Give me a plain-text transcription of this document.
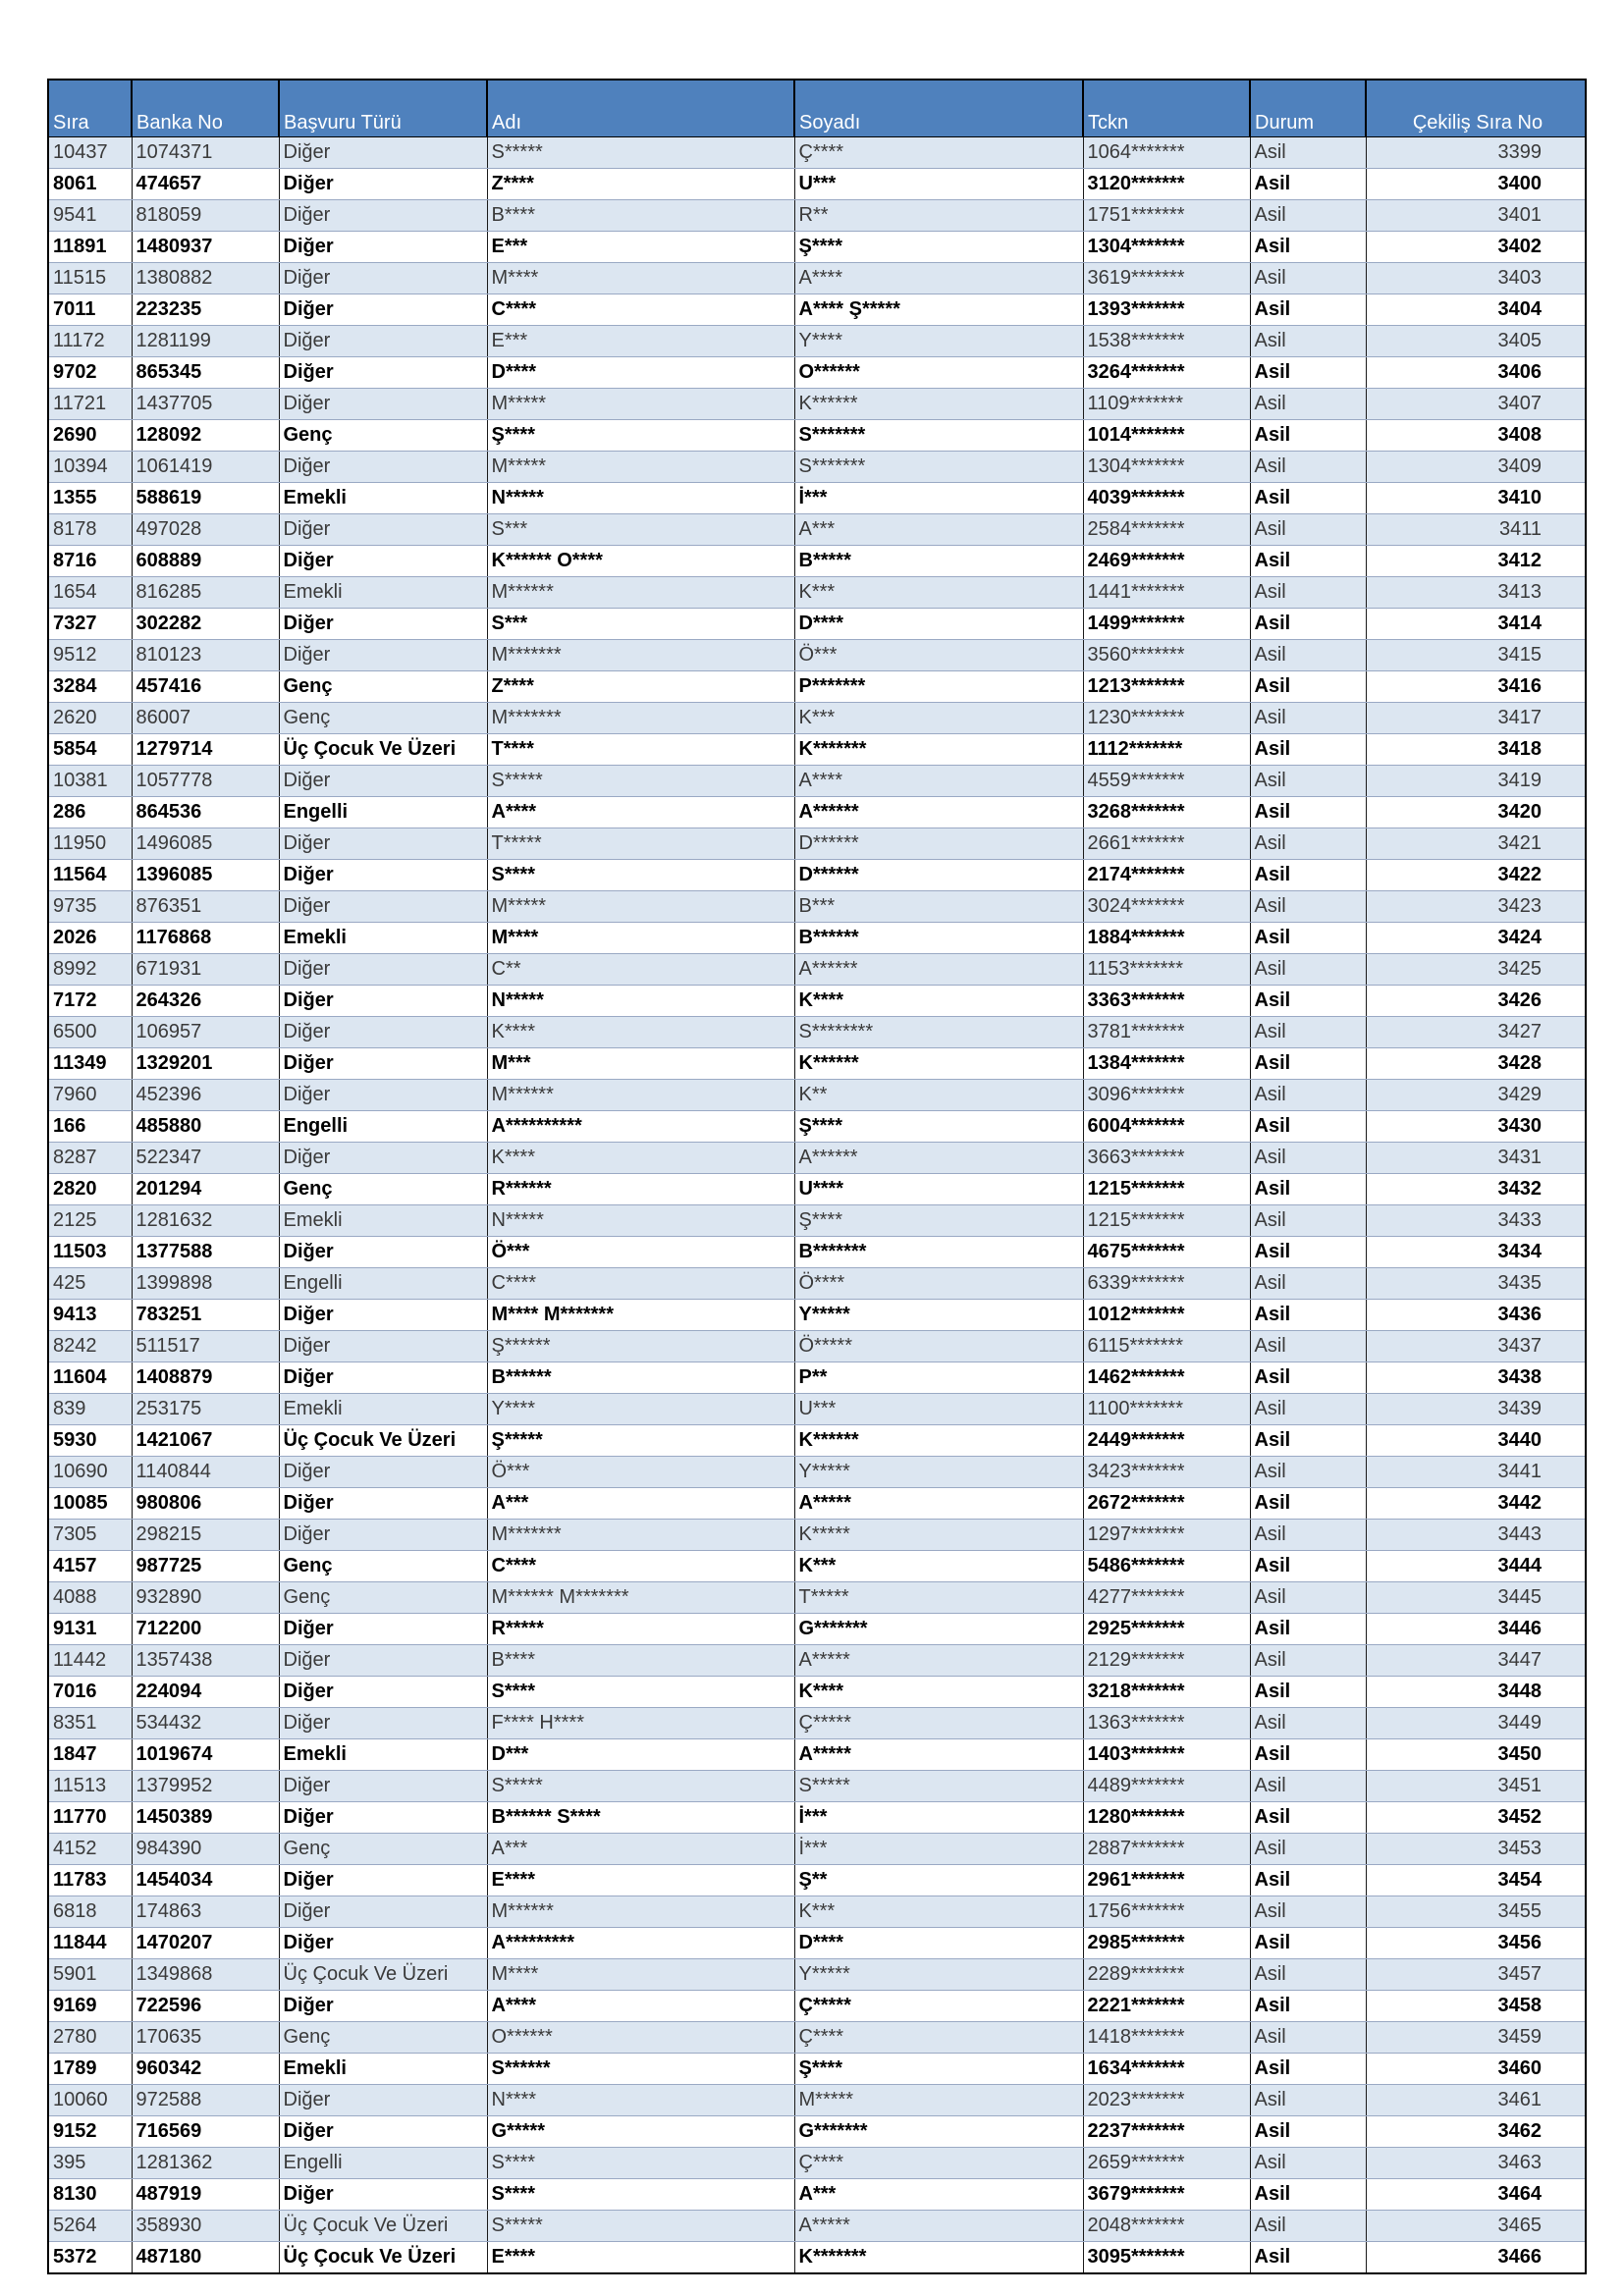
Sıra	Banka No	Başvuru Türü	Adı	Soyadı	Tckn	Durum	Çekiliş Sıra No
10437	1074371	Diğer	S*****	Ç****	1064*******	Asil	3399
8061	474657	Diğer	Z****	U***	3120*******	Asil	3400
9541	818059	Diğer	B****	R**	1751*******	Asil	3401
11891	1480937	Diğer	E***	Ş****	1304*******	Asil	3402
11515	1380882	Diğer	M****	A****	3619*******	Asil	3403
7011	223235	Diğer	C****	A**** Ş*****	1393*******	Asil	3404
11172	1281199	Diğer	E***	Y****	1538*******	Asil	3405
9702	865345	Diğer	D****	O******	3264*******	Asil	3406
11721	1437705	Diğer	M*****	K******	1109*******	Asil	3407
2690	128092	Genç	Ş****	S*******	1014*******	Asil	3408
10394	1061419	Diğer	M*****	S*******	1304*******	Asil	3409
1355	588619	Emekli	N*****	İ***	4039*******	Asil	3410
8178	497028	Diğer	S***	A***	2584*******	Asil	3411
8716	608889	Diğer	K****** O****	B*****	2469*******	Asil	3412
1654	816285	Emekli	M******	K***	1441*******	Asil	3413
7327	302282	Diğer	S***	D****	1499*******	Asil	3414
9512	810123	Diğer	M*******	Ö***	3560*******	Asil	3415
3284	457416	Genç	Z****	P*******	1213*******	Asil	3416
2620	86007	Genç	M*******	K***	1230*******	Asil	3417
5854	1279714	Üç Çocuk Ve Üzeri	T****	K*******	1112*******	Asil	3418
10381	1057778	Diğer	S*****	A****	4559*******	Asil	3419
286	864536	Engelli	A****	A******	3268*******	Asil	3420
11950	1496085	Diğer	T*****	D******	2661*******	Asil	3421
11564	1396085	Diğer	S****	D******	2174*******	Asil	3422
9735	876351	Diğer	M*****	B***	3024*******	Asil	3423
2026	1176868	Emekli	M****	B******	1884*******	Asil	3424
8992	671931	Diğer	C**	A******	1153*******	Asil	3425
7172	264326	Diğer	N*****	K****	3363*******	Asil	3426
6500	106957	Diğer	K****	S********	3781*******	Asil	3427
11349	1329201	Diğer	M***	K******	1384*******	Asil	3428
7960	452396	Diğer	M******	K**	3096*******	Asil	3429
166	485880	Engelli	A**********	Ş****	6004*******	Asil	3430
8287	522347	Diğer	K****	A******	3663*******	Asil	3431
2820	201294	Genç	R******	U****	1215*******	Asil	3432
2125	1281632	Emekli	N*****	Ş****	1215*******	Asil	3433
11503	1377588	Diğer	Ö***	B*******	4675*******	Asil	3434
425	1399898	Engelli	C****	Ö****	6339*******	Asil	3435
9413	783251	Diğer	M**** M*******	Y*****	1012*******	Asil	3436
8242	511517	Diğer	Ş******	Ö*****	6115*******	Asil	3437
11604	1408879	Diğer	B******	P**	1462*******	Asil	3438
839	253175	Emekli	Y****	U***	1100*******	Asil	3439
5930	1421067	Üç Çocuk Ve Üzeri	Ş*****	K******	2449*******	Asil	3440
10690	1140844	Diğer	Ö***	Y*****	3423*******	Asil	3441
10085	980806	Diğer	A***	A*****	2672*******	Asil	3442
7305	298215	Diğer	M*******	K*****	1297*******	Asil	3443
4157	987725	Genç	C****	K***	5486*******	Asil	3444
4088	932890	Genç	M****** M*******	T*****	4277*******	Asil	3445
9131	712200	Diğer	R*****	G*******	2925*******	Asil	3446
11442	1357438	Diğer	B****	A*****	2129*******	Asil	3447
7016	224094	Diğer	S****	K****	3218*******	Asil	3448
8351	534432	Diğer	F**** H****	Ç*****	1363*******	Asil	3449
1847	1019674	Emekli	D***	A*****	1403*******	Asil	3450
11513	1379952	Diğer	S*****	S*****	4489*******	Asil	3451
11770	1450389	Diğer	B****** S****	İ***	1280*******	Asil	3452
4152	984390	Genç	A***	İ***	2887*******	Asil	3453
11783	1454034	Diğer	E****	Ş**	2961*******	Asil	3454
6818	174863	Diğer	M******	K***	1756*******	Asil	3455
11844	1470207	Diğer	A*********	D****	2985*******	Asil	3456
5901	1349868	Üç Çocuk Ve Üzeri	M****	Y*****	2289*******	Asil	3457
9169	722596	Diğer	A****	Ç*****	2221*******	Asil	3458
2780	170635	Genç	O******	Ç****	1418*******	Asil	3459
1789	960342	Emekli	S******	Ş****	1634*******	Asil	3460
10060	972588	Diğer	N****	M*****	2023*******	Asil	3461
9152	716569	Diğer	G*****	G*******	2237*******	Asil	3462
395	1281362	Engelli	S****	Ç****	2659*******	Asil	3463
8130	487919	Diğer	S****	A***	3679*******	Asil	3464
5264	358930	Üç Çocuk Ve Üzeri	S*****	A*****	2048*******	Asil	3465
5372	487180	Üç Çocuk Ve Üzeri	E****	K*******	3095*******	Asil	3466
